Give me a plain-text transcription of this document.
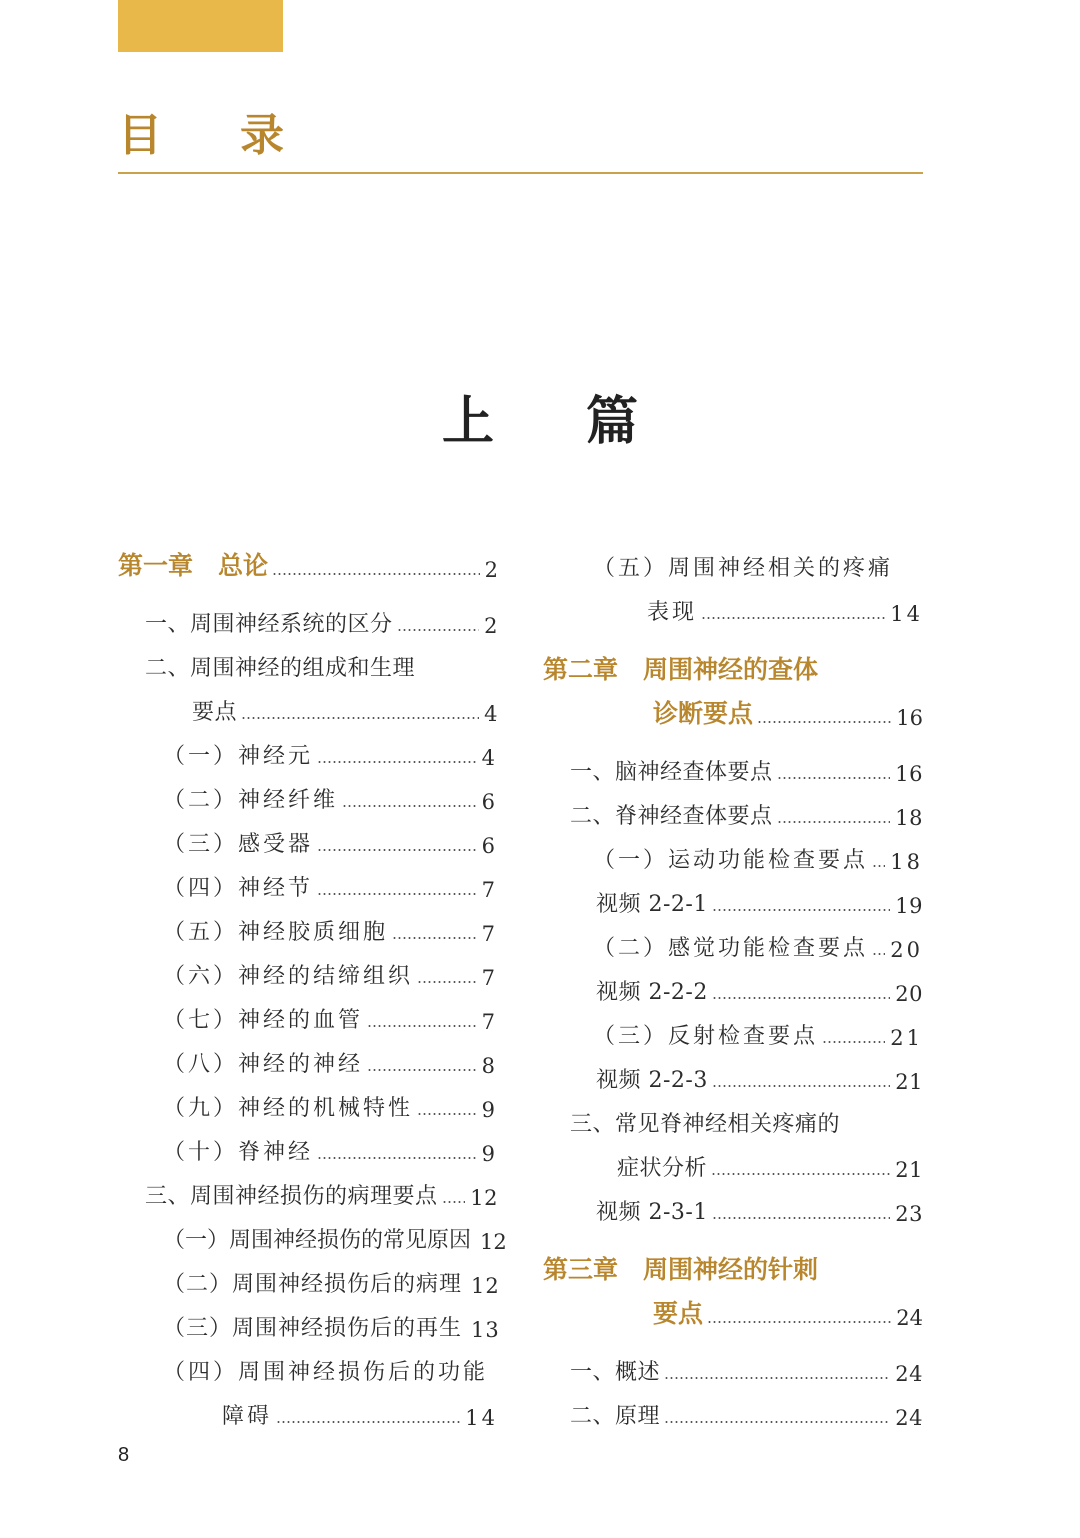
目 录
上 篇
第一章　总论	2
一、周围神经系统的区分	2
二、周围神经的组成和生理
要点	4
（一）神经元	4
（二）神经纤维	6
（三）感受器	6
（四）神经节	7
（五）神经胶质细胞	7
（六）神经的结缔组织	7
（七）神经的血管	7
（八）神经的神经	8
（九）神经的机械特性	9
（十）脊神经	9
三、周围神经损伤的病理要点 12
（一）周围神经损伤的常见原因 12
（二）周围神经损伤后的病理 12
（三）周围神经损伤后的再生 13
（四）周围神经损伤后的功能
障碍	14
（五）周围神经相关的疼痛
表现	14
第二章　周围神经的查体
诊断要点	16
一、脑神经查体要点	16
二、脊神经查体要点	18
（一）运动功能检查要点 18
视频 2-2-1	19
（二）感觉功能检查要点 20
视频 2-2-2	20
（三）反射检查要点	21
视频 2-2-3	21
三、常见脊神经相关疼痛的
症状分析	21
视频 2-3-1	23
第三章　周围神经的针刺
要点	24
一、概述	24
二、原理	24
8
